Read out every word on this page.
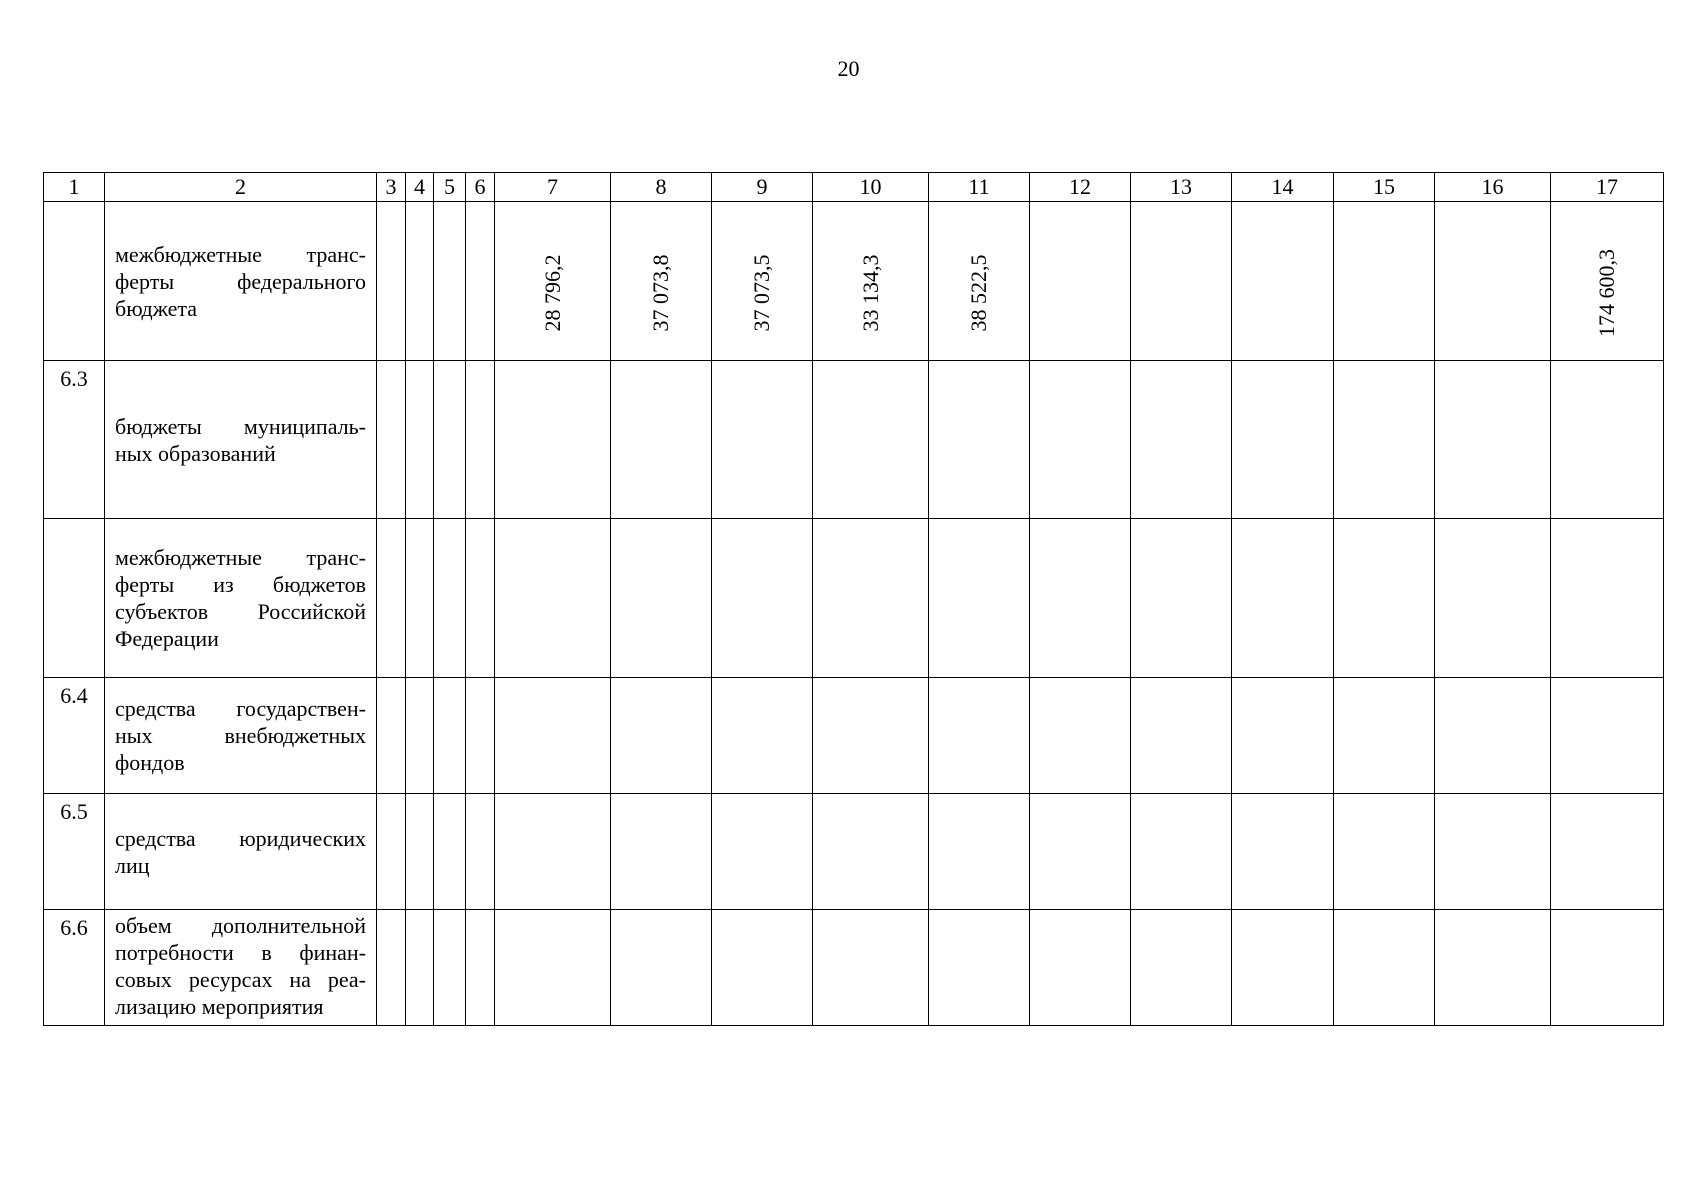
20
1	2	3	4	5	6	7	8	9	10	11	12	13	14	15	16	17
	межбюджетные транс-ферты федерального бюджета					28 796,2	37 073,8	37 073,5	33 134,3	38 522,5						174 600,3

6.3	бюджеты муниципаль-ных образований															
	межбюджетные транс-ферты из бюджетов субъектов Российской Федерации															
6.4	средства государствен-ных внебюджетных фондов															
6.5	средства юридических лиц															
6.6	объем дополнительной потребности в финан-совых ресурсах на реа-лизацию мероприятия															
